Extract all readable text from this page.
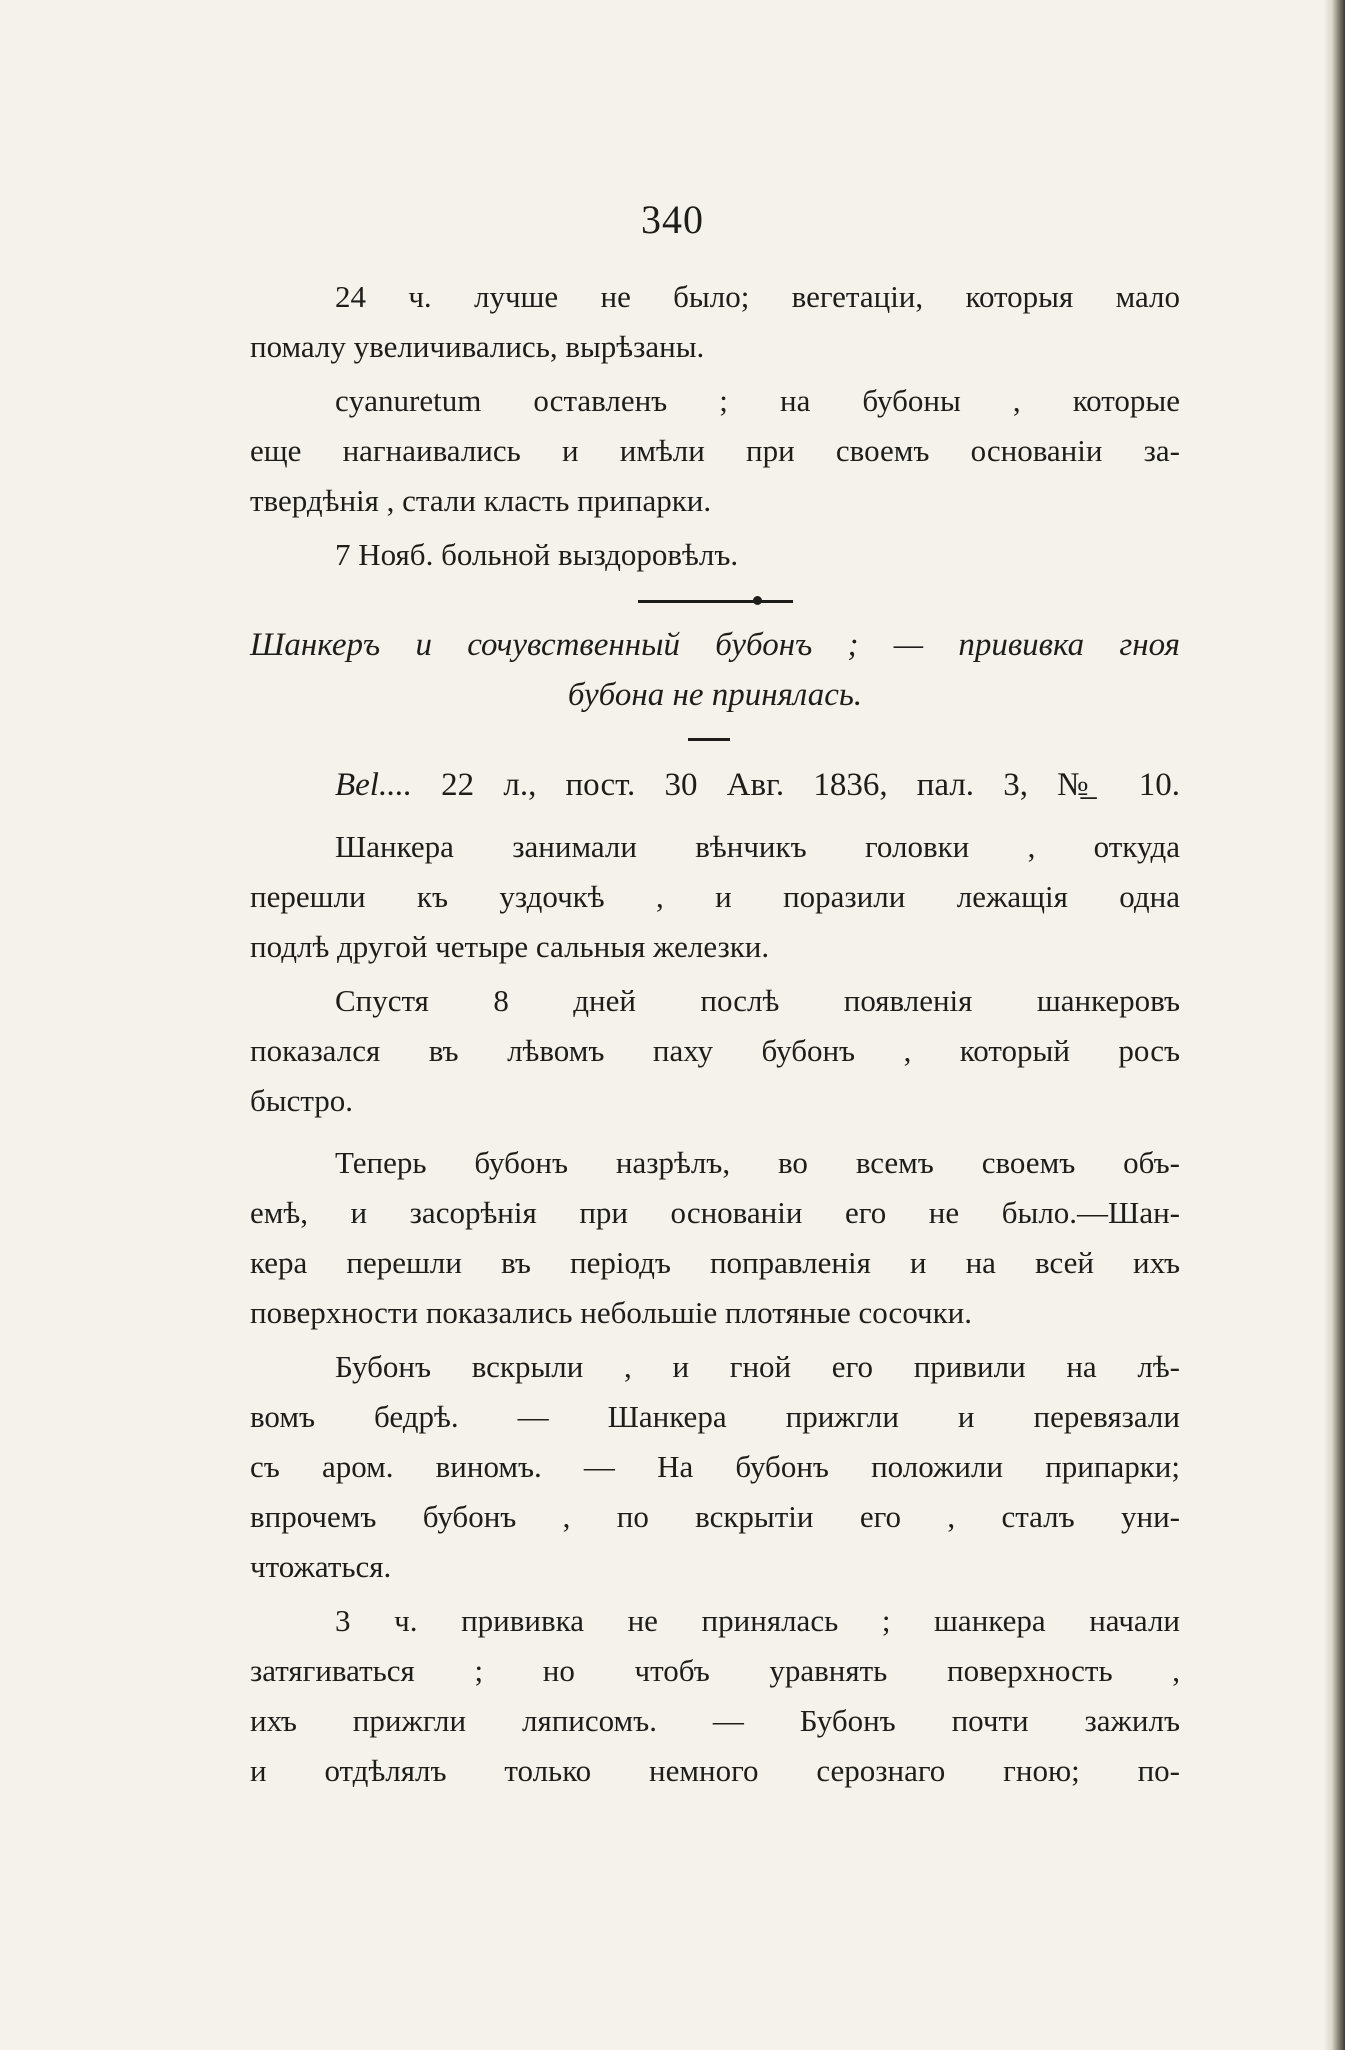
340
24 ч. лучше не было; вегетаціи, которыя мало
помалу увеличивались, вырѣзаны.
cyanuretum оставленъ ; на бубоны , которые
еще нагнаивались и имѣли при своемъ основаніи за-
твердѣнія , стали класть припарки.
7 Нояб. больной выздоровѣлъ.
Шанкеръ и сочувственный бубонъ ; — прививка гноя
бубона не принялась.
Bel.... 22 л., пост. 30 Авг. 1836, пал. 3, №̲ 10.
Шанкера занимали вѣнчикъ головки , откуда
перешли къ уздочкѣ , и поразили лежащія одна
подлѣ другой четыре сальныя железки.
Спустя 8 дней послѣ появленія шанкеровъ
показался въ лѣвомъ паху бубонъ , который росъ
быстро.
Теперь бубонъ назрѣлъ, во всемъ своемъ объ-
емѣ, и засорѣнія при основаніи его не было.—Шан-
кера перешли въ періодъ поправленія и на всей ихъ
поверхности показались небольшіе плотяные сосочки.
Бубонъ вскрыли , и гной его привили на лѣ-
вомъ бедрѣ. — Шанкера прижгли и перевязали
съ аром. виномъ. — На бубонъ положили припарки;
впрочемъ бубонъ , по вскрытіи его , сталъ уни-
чтожаться.
3 ч. прививка не принялась ; шанкера начали
затягиваться ; но чтобъ уравнять поверхность ,
ихъ прижгли ляписомъ. — Бубонъ почти зажилъ
и отдѣлялъ только немного серознаго гною; по-
